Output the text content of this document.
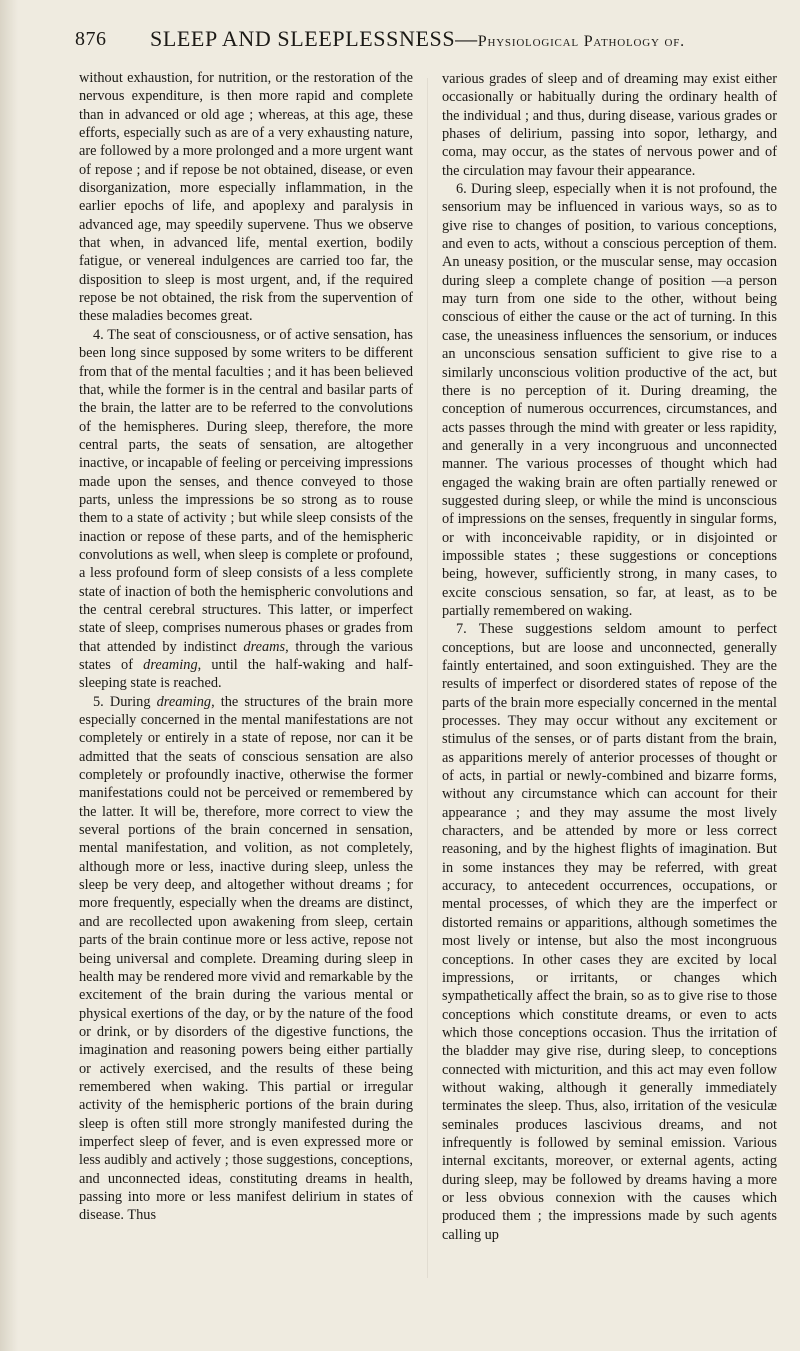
876 SLEEP AND SLEEPLESSNESS—Physiological Pathology of.

without exhaustion, for nutrition, or the restoration of the nervous expenditure, is then more rapid and complete than in advanced or old age ; whereas, at this age, these efforts, especially such as are of a very exhausting nature, are followed by a more prolonged and a more urgent want of repose ; and if repose be not obtained, disease, or even disorganization, more especially inflammation, in the earlier epochs of life, and apoplexy and paralysis in advanced age, may speedily supervene. Thus we observe that when, in advanced life, mental exertion, bodily fatigue, or venereal indulgences are carried too far, the disposition to sleep is most urgent, and, if the required repose be not obtained, the risk from the supervention of these maladies becomes great.

4. The seat of consciousness, or of active sensation, has been long since supposed by some writers to be different from that of the mental faculties ; and it has been believed that, while the former is in the central and basilar parts of the brain, the latter are to be referred to the convolutions of the hemispheres. During sleep, therefore, the more central parts, the seats of sensation, are altogether inactive, or incapable of feeling or perceiving impressions made upon the senses, and thence conveyed to those parts, unless the impressions be so strong as to rouse them to a state of activity ; but while sleep consists of the inaction or repose of these parts, and of the hemispheric convolutions as well, when sleep is complete or profound, a less profound form of sleep consists of a less complete state of inaction of both the hemispheric convolutions and the central cerebral structures. This latter, or imperfect state of sleep, comprises numerous phases or grades from that attended by indistinct dreams, through the various states of dreaming, until the half-waking and half-sleeping state is reached.

5. During dreaming, the structures of the brain more especially concerned in the mental manifestations are not completely or entirely in a state of repose, nor can it be admitted that the seats of conscious sensation are also completely or profoundly inactive, otherwise the former manifestations could not be perceived or remembered by the latter. It will be, therefore, more correct to view the several portions of the brain concerned in sensation, mental manifestation, and volition, as not completely, although more or less, inactive during sleep, unless the sleep be very deep, and altogether without dreams ; for more frequently, especially when the dreams are distinct, and are recollected upon awakening from sleep, certain parts of the brain continue more or less active, repose not being universal and complete. Dreaming during sleep in health may be rendered more vivid and remarkable by the excitement of the brain during the various mental or physical exertions of the day, or by the nature of the food or drink, or by disorders of the digestive functions, the imagination and reasoning powers being either partially or actively exercised, and the results of these being remembered when waking. This partial or irregular activity of the hemispheric portions of the brain during sleep is often still more strongly manifested during the imperfect sleep of fever, and is even expressed more or less audibly and actively ; those suggestions, conceptions, and unconnected ideas, constituting dreams in health, passing into more or less manifest delirium in states of disease. Thus

various grades of sleep and of dreaming may exist either occasionally or habitually during the ordinary health of the individual ; and thus, during disease, various grades or phases of delirium, passing into sopor, lethargy, and coma, may occur, as the states of nervous power and of the circulation may favour their appearance.

6. During sleep, especially when it is not profound, the sensorium may be influenced in various ways, so as to give rise to changes of position, to various conceptions, and even to acts, without a conscious perception of them. An uneasy position, or the muscular sense, may occasion during sleep a complete change of position —a person may turn from one side to the other, without being conscious of either the cause or the act of turning. In this case, the uneasiness influences the sensorium, or induces an unconscious sensation sufficient to give rise to a similarly unconscious volition productive of the act, but there is no perception of it. During dreaming, the conception of numerous occurrences, circumstances, and acts passes through the mind with greater or less rapidity, and generally in a very incongruous and unconnected manner. The various processes of thought which had engaged the waking brain are often partially renewed or suggested during sleep, or while the mind is unconscious of impressions on the senses, frequently in singular forms, or with inconceivable rapidity, or in disjointed or impossible states ; these suggestions or conceptions being, however, sufficiently strong, in many cases, to excite conscious sensation, so far, at least, as to be partially remembered on waking.

7. These suggestions seldom amount to perfect conceptions, but are loose and unconnected, generally faintly entertained, and soon extinguished. They are the results of imperfect or disordered states of repose of the parts of the brain more especially concerned in the mental processes. They may occur without any excitement or stimulus of the senses, or of parts distant from the brain, as apparitions merely of anterior processes of thought or of acts, in partial or newly-combined and bizarre forms, without any circumstance which can account for their appearance ; and they may assume the most lively characters, and be attended by more or less correct reasoning, and by the highest flights of imagination. But in some instances they may be referred, with great accuracy, to antecedent occurrences, occupations, or mental processes, of which they are the imperfect or distorted remains or apparitions, although sometimes the most lively or intense, but also the most incongruous conceptions. In other cases they are excited by local impressions, or irritants, or changes which sympathetically affect the brain, so as to give rise to those conceptions which constitute dreams, or even to acts which those conceptions occasion. Thus the irritation of the bladder may give rise, during sleep, to conceptions connected with micturition, and this act may even follow without waking, although it generally immediately terminates the sleep. Thus, also, irritation of the vesiculæ seminales produces lascivious dreams, and not infrequently is followed by seminal emission. Various internal excitants, moreover, or external agents, acting during sleep, may be followed by dreams having a more or less obvious connexion with the causes which produced them ; the impressions made by such agents calling up
